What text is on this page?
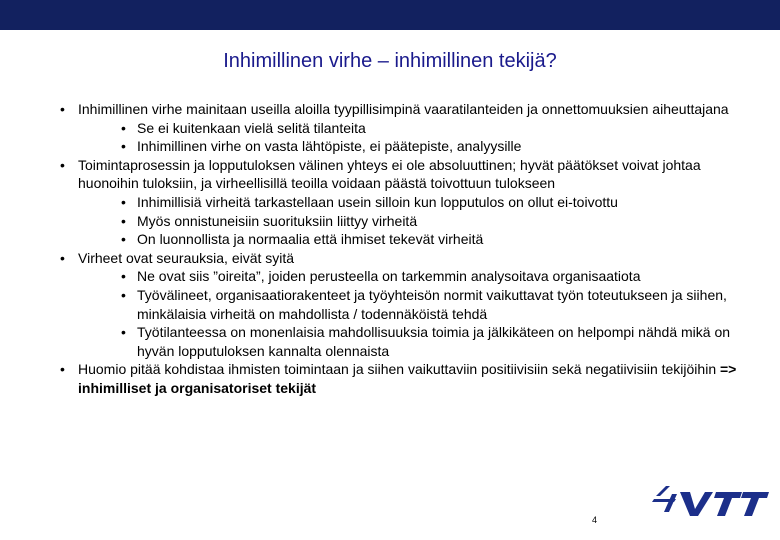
Inhimillinen virhe – inhimillinen tekijä?
• Inhimillinen virhe mainitaan useilla aloilla tyypillisimpinä vaaratilanteiden ja onnettomuuksien aiheuttajana
• Se ei kuitenkaan vielä selitä tilanteita
• Inhimillinen virhe on vasta lähtöpiste, ei päätepiste, analyysille
• Toimintaprosessin ja lopputuloksen välinen yhteys ei ole absoluuttinen; hyvät päätökset voivat johtaa huonoihin tuloksiin, ja virheellisillä teoilla voidaan päästä toivottuun tulokseen
• Inhimillisiä virheitä tarkastellaan usein silloin kun lopputulos on ollut ei-toivottu
• Myös onnistuneisiin suorituksiin liittyy virheitä
• On luonnollista ja normaalia että ihmiset tekevät virheitä
• Virheet ovat seurauksia, eivät syitä
• Ne ovat siis ”oireita”, joiden perusteella on tarkemmin analysoitava organisaatiota
• Työvälineet, organisaatiorakenteet ja työyhteisön normit vaikuttavat työn toteutukseen ja siihen, minkälaisia virheitä on mahdollista / todennäköistä tehdä
• Työtilanteessa on monenlaisia mahdollisuuksia toimia ja jälkikäteen on helpompi nähdä mikä on hyvän lopputuloksen kannalta olennaista
• Huomio pitää kohdistaa ihmisten toimintaan ja siihen vaikuttaviin positiivisiin sekä negatiivisiin tekijöihin => inhimilliset ja organisatoriset tekijät
4
